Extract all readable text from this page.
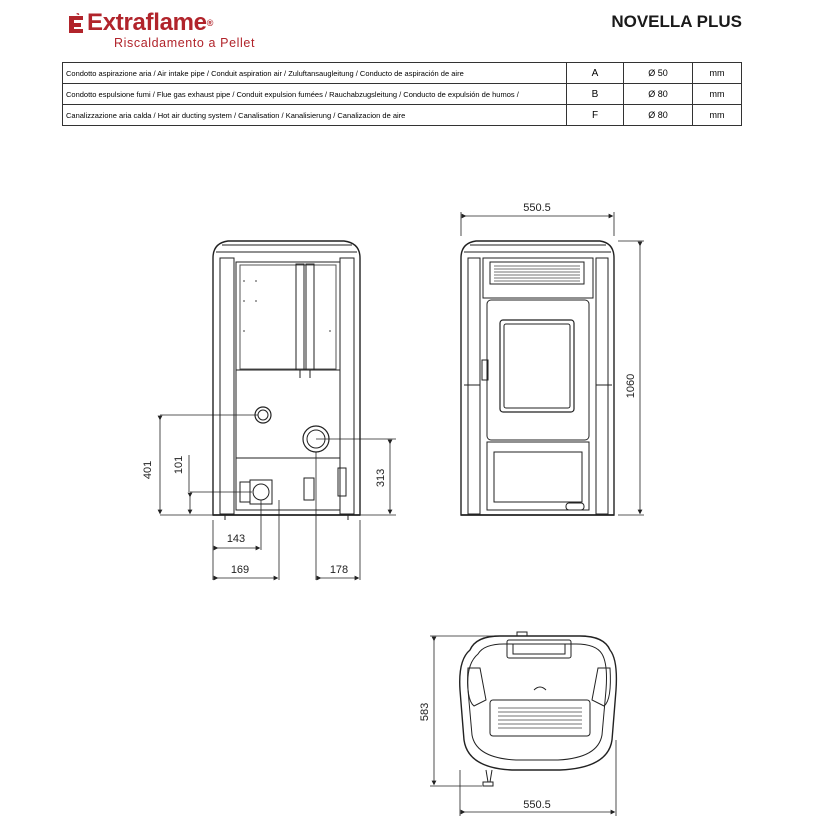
Extraflame®
Riscaldamento a Pellet
NOVELLA PLUS
Condotto aspirazione aria / Air intake pipe / Conduit aspiration air / Zuluftansaugleitung / Conducto de aspiración de aire	A	Ø 50	mm
Condotto espulsione fumi / Flue gas exhaust pipe / Conduit expulsion fumées / Rauchabzugsleitung / Conducto de expulsión de humos /	B	Ø 80	mm
Canalizzazione aria calda / Hot air ducting system / Canalisation / Kanalisierung / Canalizacion de aire	F	Ø 80	mm
401 101
313
143
169	178
550.5
1060
583
550.5
